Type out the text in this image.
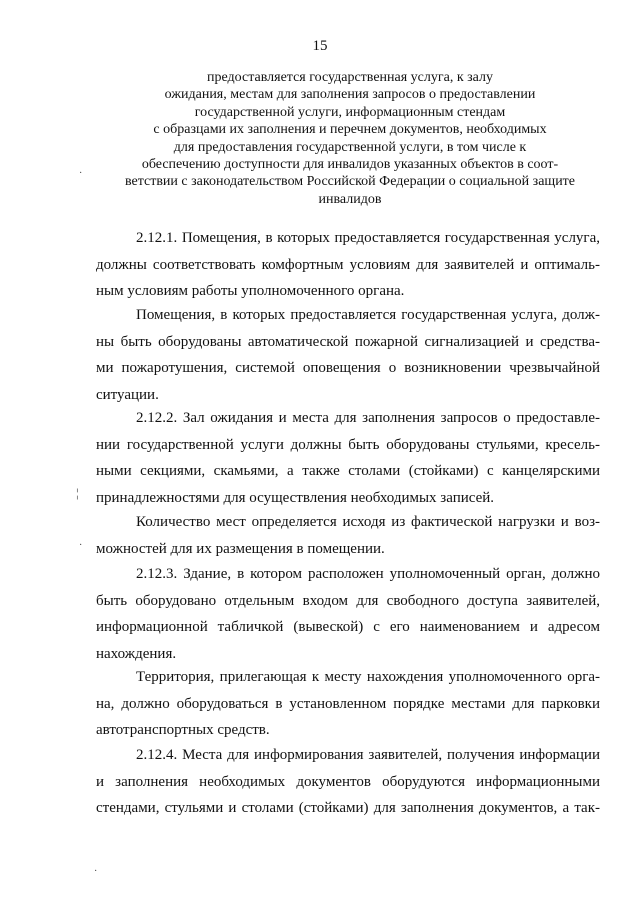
15
предоставляется государственная услуга, к залу
ожидания, местам для заполнения запросов о предоставлении
государственной услуги, информационным стендам
с образцами их заполнения и перечнем документов, необходимых
для предоставления государственной услуги, в том числе к
обеспечению доступности для инвалидов указанных объектов в соот-
ветствии с законодательством Российской Федерации о социальной защите
инвалидов
2.12.1. Помещения, в которых предоставляется государственная услуга,
должны соответствовать комфортным условиям для заявителей и оптималь-
ным условиям работы уполномоченного органа.
Помещения, в которых предоставляется государственная услуга, долж-
ны быть оборудованы автоматической пожарной сигнализацией и средства-
ми пожаротушения, системой оповещения о возникновении чрезвычайной
ситуации.
2.12.2. Зал ожидания и места для заполнения запросов о предоставле-
нии государственной услуги должны быть оборудованы стульями, кресель-
ными секциями, скамьями, а также столами (стойками) с канцелярскими
принадлежностями для осуществления необходимых записей.
Количество мест определяется исходя из фактической нагрузки и воз-
можностей для их размещения в помещении.
2.12.3. Здание, в котором расположен уполномоченный орган, должно
быть оборудовано отдельным входом для свободного доступа заявителей,
информационной табличкой (вывеской) с его наименованием и адресом
нахождения.
Территория, прилегающая к месту нахождения уполномоченного орга-
на, должно оборудоваться в установленном порядке местами для парковки
автотранспортных средств.
2.12.4. Места для информирования заявителей, получения информации
и заполнения необходимых документов оборудуются информационными
стендами, стульями и столами (стойками) для заполнения документов, а так-
¦
·
·
·
